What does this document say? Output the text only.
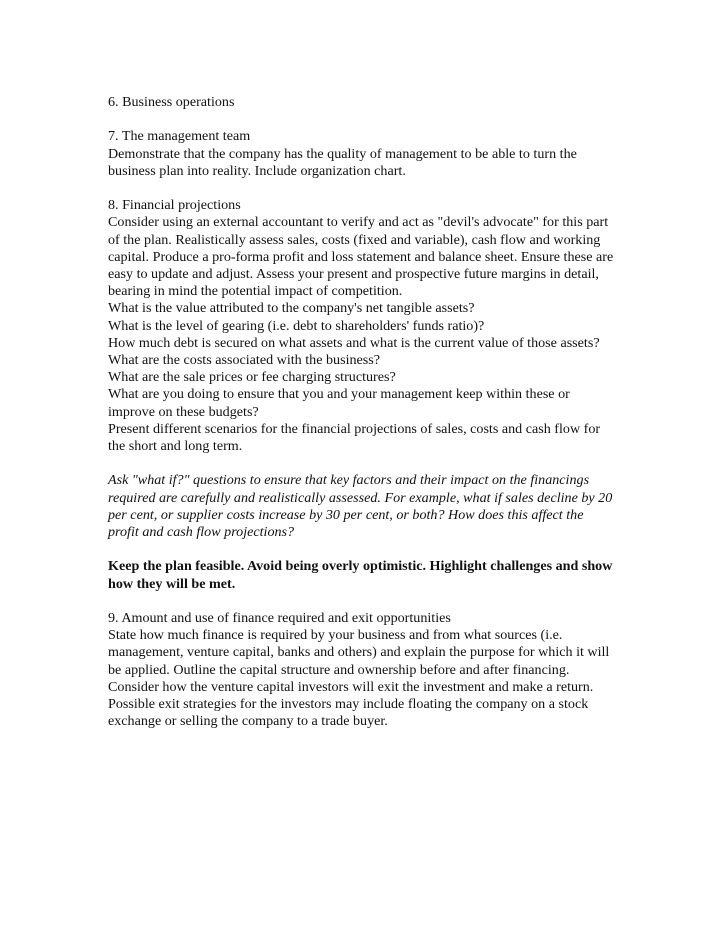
6. Business operations
7. The management team
Demonstrate that the company has the quality of management to be able to turn the
business plan into reality. Include organization chart.
8. Financial projections
Consider using an external accountant to verify and act as "devil's advocate" for this part
of the plan. Realistically assess sales, costs (fixed and variable), cash flow and working
capital. Produce a pro-forma profit and loss statement and balance sheet. Ensure these are
easy to update and adjust. Assess your present and prospective future margins in detail,
bearing in mind the potential impact of competition.
What is the value attributed to the company's net tangible assets?
What is the level of gearing (i.e. debt to shareholders' funds ratio)?
How much debt is secured on what assets and what is the current value of those assets?
What are the costs associated with the business?
What are the sale prices or fee charging structures?
What are you doing to ensure that you and your management keep within these or
improve on these budgets?
Present different scenarios for the financial projections of sales, costs and cash flow for
the short and long term.
Ask "what if?" questions to ensure that key factors and their impact on the financings
required are carefully and realistically assessed. For example, what if sales decline by 20
per cent, or supplier costs increase by 30 per cent, or both? How does this affect the
profit and cash flow projections?
Keep the plan feasible. Avoid being overly optimistic. Highlight challenges and show
how they will be met.
9. Amount and use of finance required and exit opportunities
State how much finance is required by your business and from what sources (i.e.
management, venture capital, banks and others) and explain the purpose for which it will
be applied. Outline the capital structure and ownership before and after financing.
Consider how the venture capital investors will exit the investment and make a return.
Possible exit strategies for the investors may include floating the company on a stock
exchange or selling the company to a trade buyer.
